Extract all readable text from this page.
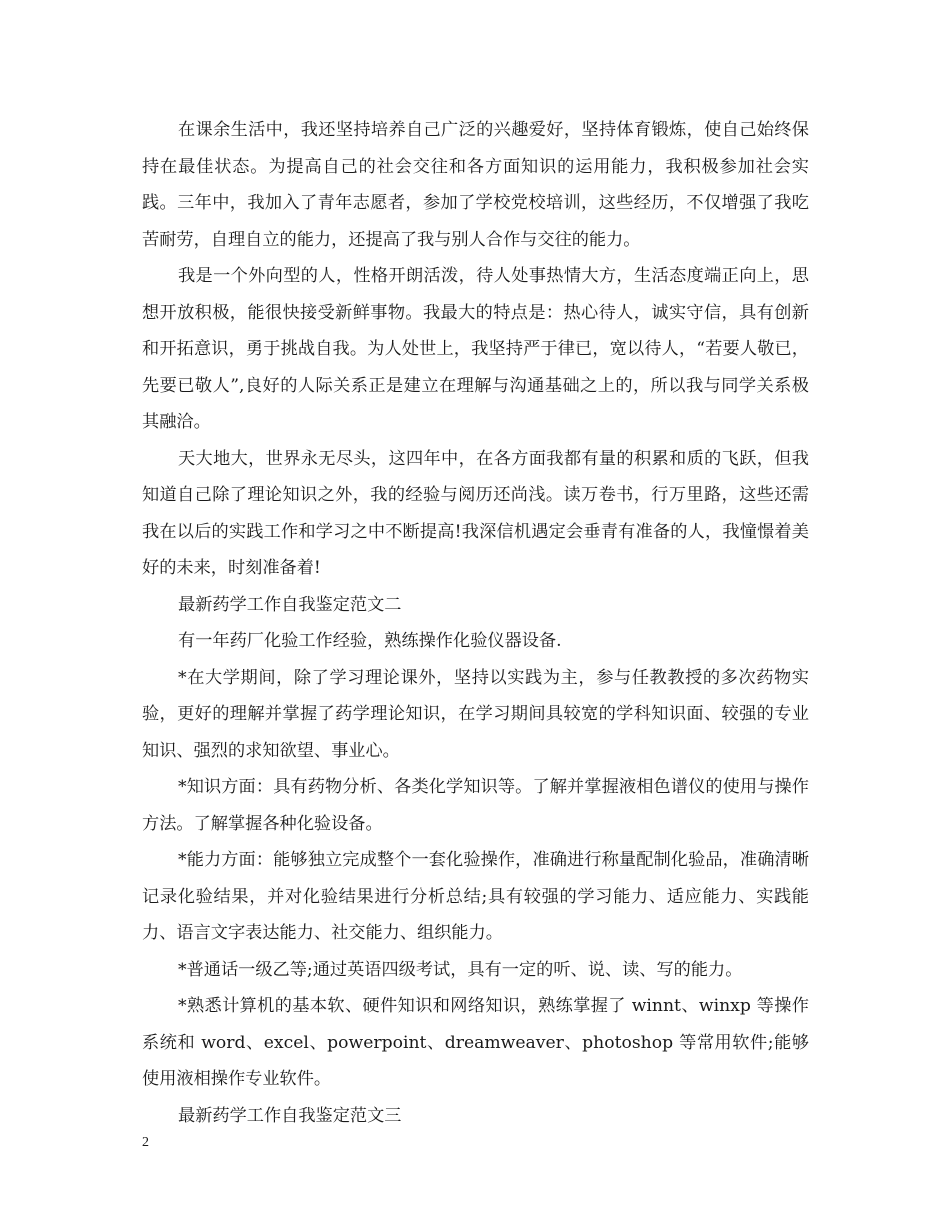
在课余生活中，我还坚持培养自己广泛的兴趣爱好，坚持体育锻炼，使自己始终保持在最佳状态。为提高自己的社会交往和各方面知识的运用能力，我积极参加社会实践。三年中，我加入了青年志愿者，参加了学校党校培训，这些经历，不仅增强了我吃苦耐劳，自理自立的能力，还提高了我与别人合作与交往的能力。

我是一个外向型的人，性格开朗活泼，待人处事热情大方，生活态度端正向上，思想开放积极，能很快接受新鲜事物。我最大的特点是：热心待人，诚实守信，具有创新和开拓意识，勇于挑战自我。为人处世上，我坚持严于律已，宽以待人，“若要人敬已，先要已敬人”,良好的人际关系正是建立在理解与沟通基础之上的，所以我与同学关系极其融洽。

天大地大，世界永无尽头，这四年中，在各方面我都有量的积累和质的飞跃，但我知道自己除了理论知识之外，我的经验与阅历还尚浅。读万卷书，行万里路，这些还需我在以后的实践工作和学习之中不断提高!我深信机遇定会垂青有准备的人，我憧憬着美好的未来，时刻准备着!

最新药学工作自我鉴定范文二

有一年药厂化验工作经验，熟练操作化验仪器设备.

*在大学期间，除了学习理论课外，坚持以实践为主，参与任教教授的多次药物实验，更好的理解并掌握了药学理论知识，在学习期间具较宽的学科知识面、较强的专业知识、强烈的求知欲望、事业心。

*知识方面：具有药物分析、各类化学知识等。了解并掌握液相色谱仪的使用与操作方法。了解掌握各种化验设备。

*能力方面：能够独立完成整个一套化验操作，准确进行称量配制化验品，准确清晰记录化验结果，并对化验结果进行分析总结;具有较强的学习能力、适应能力、实践能力、语言文字表达能力、社交能力、组织能力。

*普通话一级乙等;通过英语四级考试，具有一定的听、说、读、写的能力。

*熟悉计算机的基本软、硬件知识和网络知识，熟练掌握了 winnt、winxp 等操作系统和 word、excel、powerpoint、dreamweaver、photoshop 等常用软件;能够使用液相操作专业软件。

最新药学工作自我鉴定范文三

2
